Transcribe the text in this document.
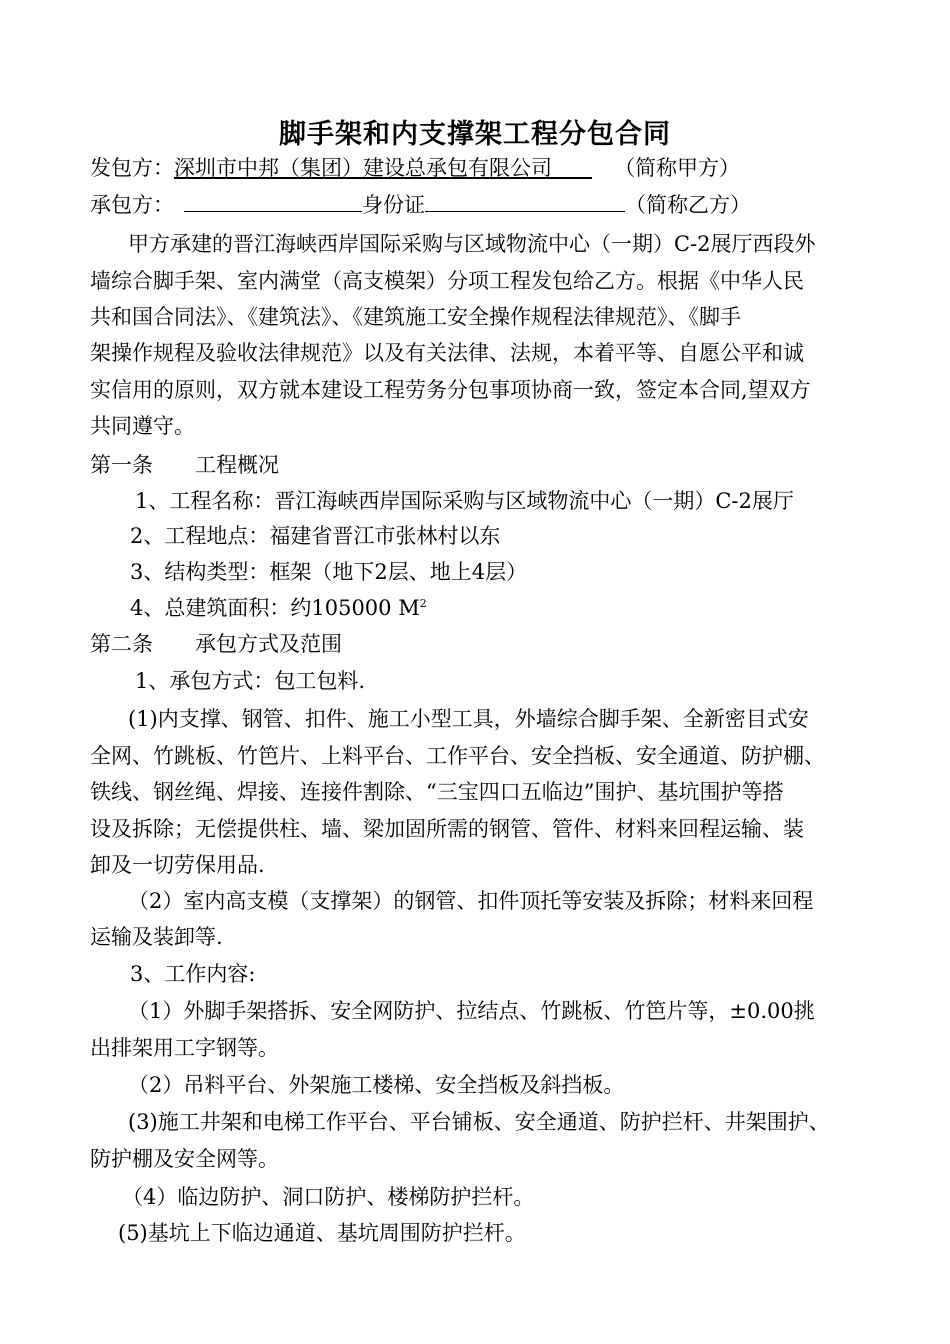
脚手架和内支撑架工程分包合同
发包方：深圳市中邦（集团）建设总承包有限公司	（简称甲方）
承包方：	身份证	（简称乙方）
甲方承建的晋江海峡西岸国际采购与区域物流中心（一期）C-2展厅西段外
墙综合脚手架、室内满堂（高支模架）分项工程发包给乙方。根据《中华人民
共和国合同法》、《建筑法》、《建筑施工安全操作规程法律规范》、《脚手
架操作规程及验收法律规范》以及有关法律、法规，本着平等、自愿公平和诚
实信用的原则，双方就本建设工程劳务分包事项协商一致，签定本合同,望双方
共同遵守。
第一条　　工程概况
1、工程名称：晋江海峡西岸国际采购与区域物流中心（一期）C-2展厅
2、工程地点：福建省晋江市张林村以东
3、结构类型：框架（地下2层、地上4层）
4、总建筑面积：约105000 $M^2$
第二条　　承包方式及范围
1、承包方式：包工包料.
(1)内支撑、钢管、扣件、施工小型工具，外墙综合脚手架、全新密目式安
全网、竹跳板、竹笆片、上料平台、工作平台、安全挡板、安全通道、防护棚、
铁线、钢丝绳、焊接、连接件割除、“三宝四口五临边”围护、基坑围护等搭
设及拆除；无偿提供柱、墙、梁加固所需的钢管、管件、材料来回程运输、装
卸及一切劳保用品.
（2）室内高支模（支撑架）的钢管、扣件顶托等安装及拆除；材料来回程
运输及装卸等.
3、工作内容:
（1）外脚手架搭拆、安全网防护、拉结点、竹跳板、竹笆片等，±0.00挑
出排架用工字钢等。
（2）吊料平台、外架施工楼梯、安全挡板及斜挡板。
(3)施工井架和电梯工作平台、平台铺板、安全通道、防护拦杆、井架围护、
防护棚及安全网等。
（4）临边防护、洞口防护、楼梯防护拦杆。
(5)基坑上下临边通道、基坑周围防护拦杆。
